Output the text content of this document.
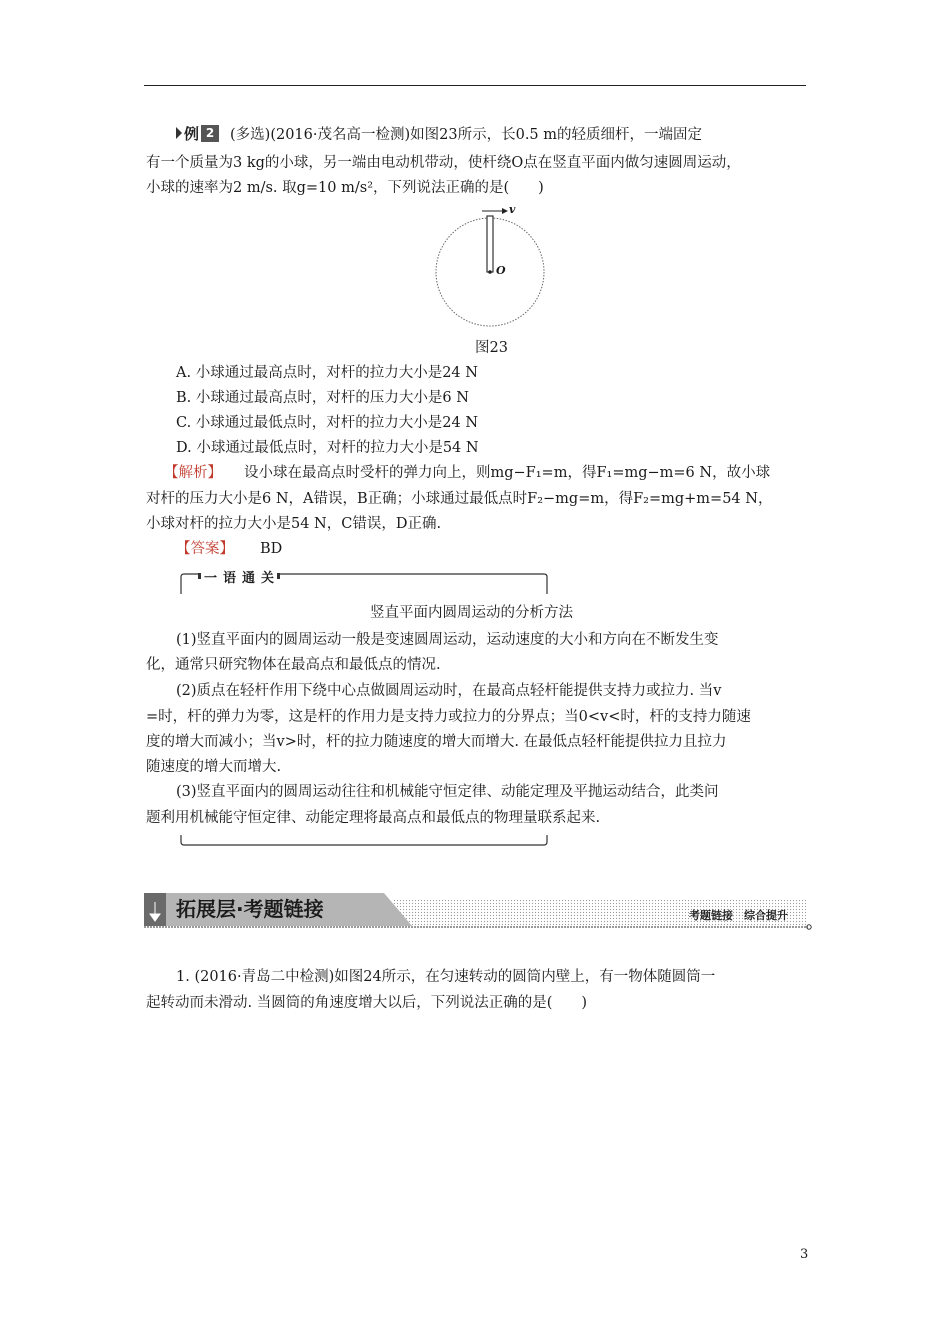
例 2	(多选)(2016·茂名高一检测)如图23所示，长0.5 m的轻质细杆，一端固定
有一个质量为3 kg的小球，另一端由电动机带动，使杆绕O点在竖直平面内做匀速圆周运动，
小球的速率为2 m/s. 取g=10 m/s²，下列说法正确的是(　　)
v
O
图23
A. 小球通过最高点时，对杆的拉力大小是24 N
B. 小球通过最高点时，对杆的压力大小是6 N
C. 小球通过最低点时，对杆的拉力大小是24 N
D. 小球通过最低点时，对杆的拉力大小是54 N
【解析】 设小球在最高点时受杆的弹力向上，则mg−F₁=m，得F₁=mg−m=6 N，故小球
对杆的压力大小是6 N，A错误，B正确；小球通过最低点时F₂−mg=m，得F₂=mg+m=54 N，
小球对杆的拉力大小是54 N，C错误，D正确.
【答案】 BD
一语通关
竖直平面内圆周运动的分析方法
(1)竖直平面内的圆周运动一般是变速圆周运动，运动速度的大小和方向在不断发生变
化，通常只研究物体在最高点和最低点的情况.
(2)质点在轻杆作用下绕中心点做圆周运动时，在最高点轻杆能提供支持力或拉力. 当v
=时，杆的弹力为零，这是杆的作用力是支持力或拉力的分界点；当0<v<时，杆的支持力随速
度的增大而减小；当v>时，杆的拉力随速度的增大而增大. 在最低点轻杆能提供拉力且拉力
随速度的增大而增大.
(3)竖直平面内的圆周运动往往和机械能守恒定律、动能定理及平抛运动结合，此类问
题利用机械能守恒定律、动能定理将最高点和最低点的物理量联系起来.
拓展层·考题链接	考题链接　综合提升
1. (2016·青岛二中检测)如图24所示，在匀速转动的圆筒内壁上，有一物体随圆筒一
起转动而未滑动. 当圆筒的角速度增大以后，下列说法正确的是(　　)
3
